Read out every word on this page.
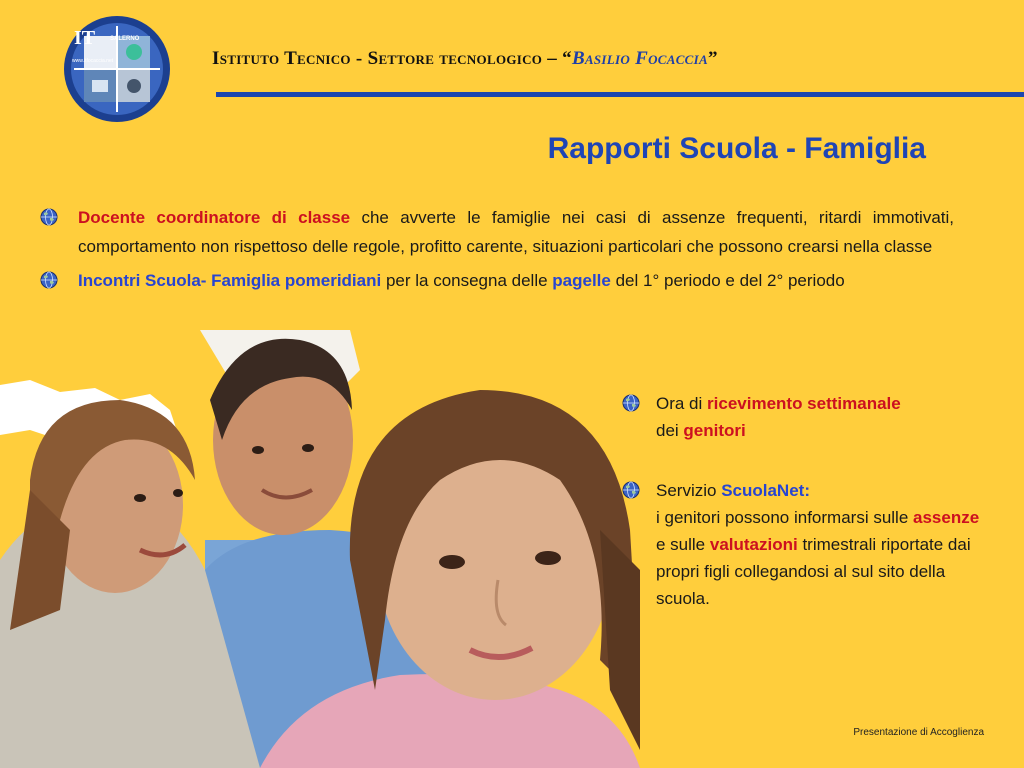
IT SALERNO
www.itfocaccia.net	Istituto Tecnico - Settore tecnologico – “Basilio Focaccia”
Rapporti Scuola - Famiglia

Docente coordinatore di classe che avverte le famiglie nei casi di assenze frequenti, ritardi immotivati, comportamento non rispettoso delle regole, profitto carente, situazioni particolari che possono crearsi nella classe

Incontri Scuola- Famiglia pomeridiani per la consegna delle pagelle del 1° periodo e del 2° periodo

Ora di ricevimento settimanale
dei genitori

Servizio ScuolaNet:
i genitori possono informarsi sulle assenze e sulle valutazioni trimestrali riportate dai propri figli collegandosi al sul sito della scuola.

Presentazione di Accoglienza
